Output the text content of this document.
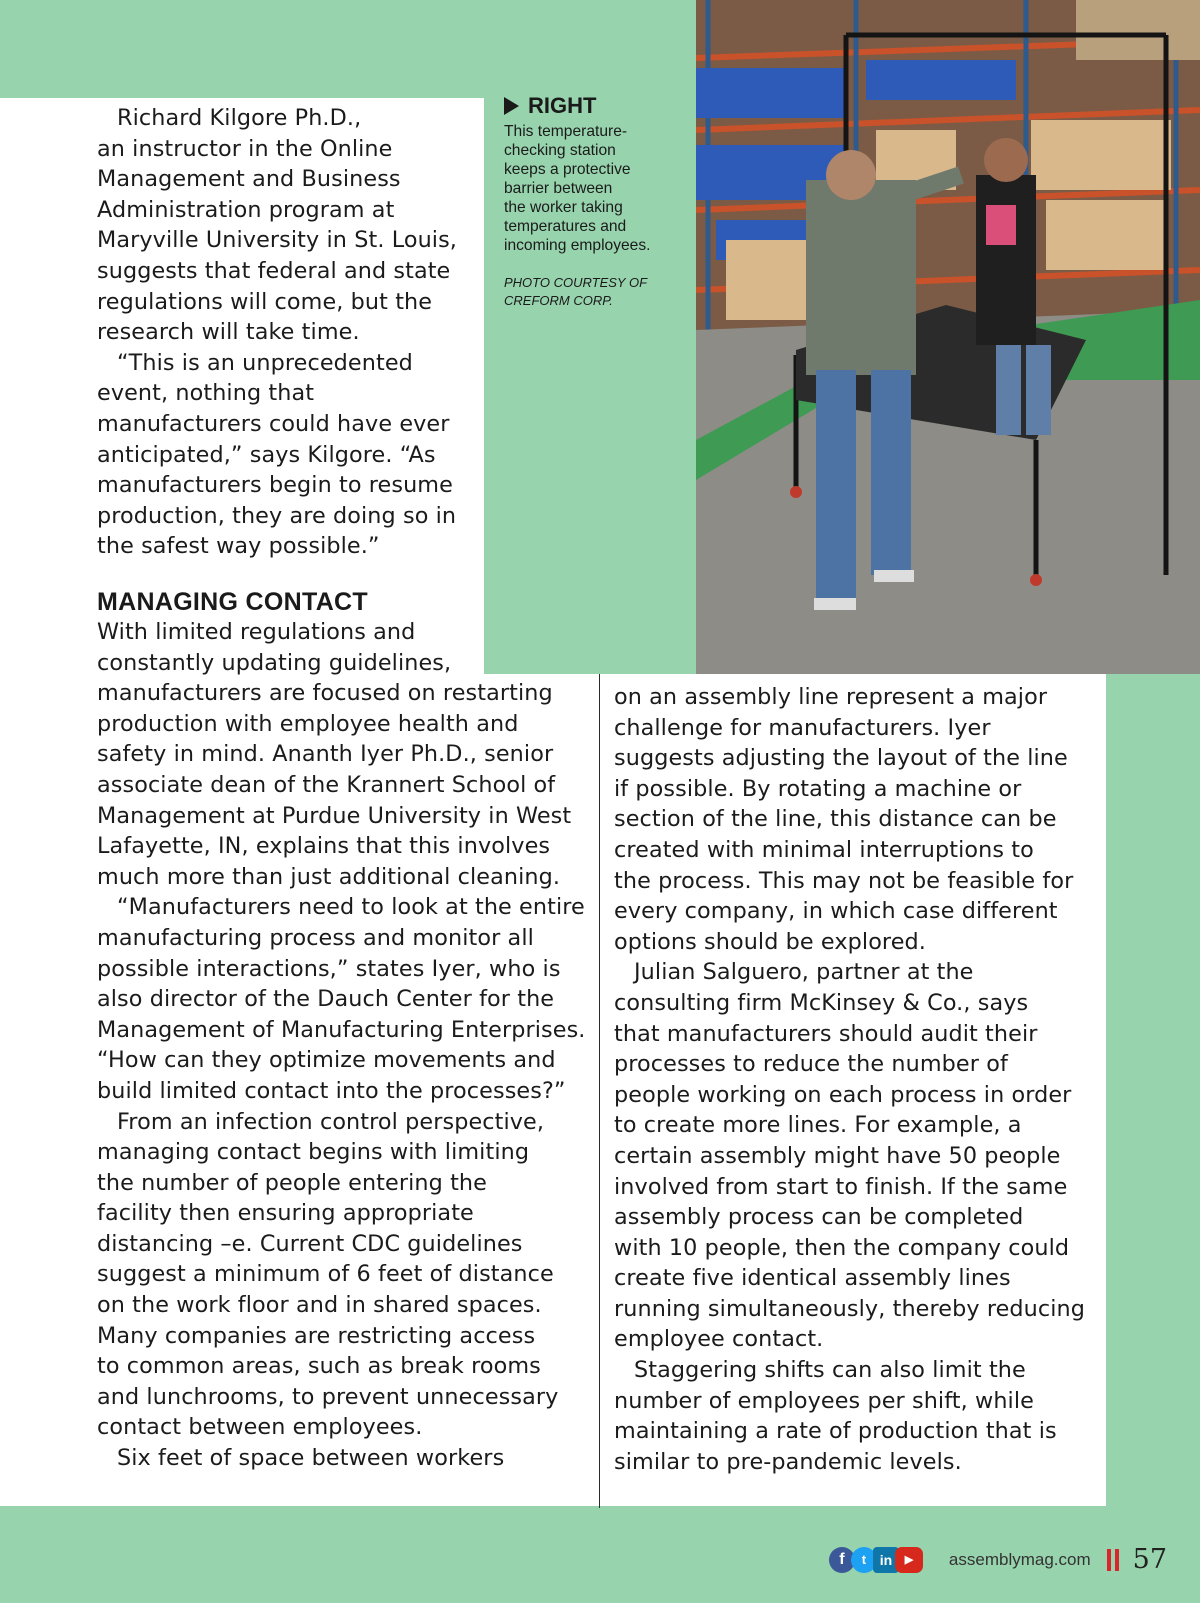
Richard Kilgore Ph.D.,
an instructor in the Online
Management and Business
Administration program at
Maryville University in St. Louis,
suggests that federal and state
regulations will come, but the
research will take time.

“This is an unprecedented
event, nothing that
manufacturers could have ever
anticipated,” says Kilgore. “As
manufacturers begin to resume
production, they are doing so in
the safest way possible.”

MANAGING CONTACT

With limited regulations and
constantly updating guidelines,
manufacturers are focused on restarting
production with employee health and
safety in mind. Ananth Iyer Ph.D., senior
associate dean of the Krannert School of
Management at Purdue University in West
Lafayette, IN, explains that this involves
much more than just additional cleaning.

“Manufacturers need to look at the entire
manufacturing process and monitor all
possible interactions,” states Iyer, who is
also director of the Dauch Center for the
Management of Manufacturing Enterprises.
“How can they optimize movements and
build limited contact into the processes?”

From an infection control perspective,
managing contact begins with limiting
the number of people entering the
facility then ensuring appropriate
distancing –e. Current CDC guidelines
suggest a minimum of 6 feet of distance
on the work floor and in shared spaces.
Many companies are restricting access
to common areas, such as break rooms
and lunchrooms, to prevent unnecessary
contact between employees.

Six feet of space between workers

on an assembly line represent a major
challenge for manufacturers. Iyer
suggests adjusting the layout of the line
if possible. By rotating a machine or
section of the line, this distance can be
created with minimal interruptions to
the process. This may not be feasible for
every company, in which case different
options should be explored.

Julian Salguero, partner at the
consulting firm McKinsey & Co., says
that manufacturers should audit their
processes to reduce the number of
people working on each process in order
to create more lines. For example, a
certain assembly might have 50 people
involved from start to finish. If the same
assembly process can be completed
with 10 people, then the company could
create five identical assembly lines
running simultaneously, thereby reducing
employee contact.

Staggering shifts can also limit the
number of employees per shift, while
maintaining a rate of production that is
similar to pre-pandemic levels.

RIGHT
This temperature-
checking station
keeps a protective
barrier between
the worker taking
temperatures and
incoming employees.
PHOTO COURTESY OF
CREFORM CORP.
f	t in	▶	assemblymag.com 57
